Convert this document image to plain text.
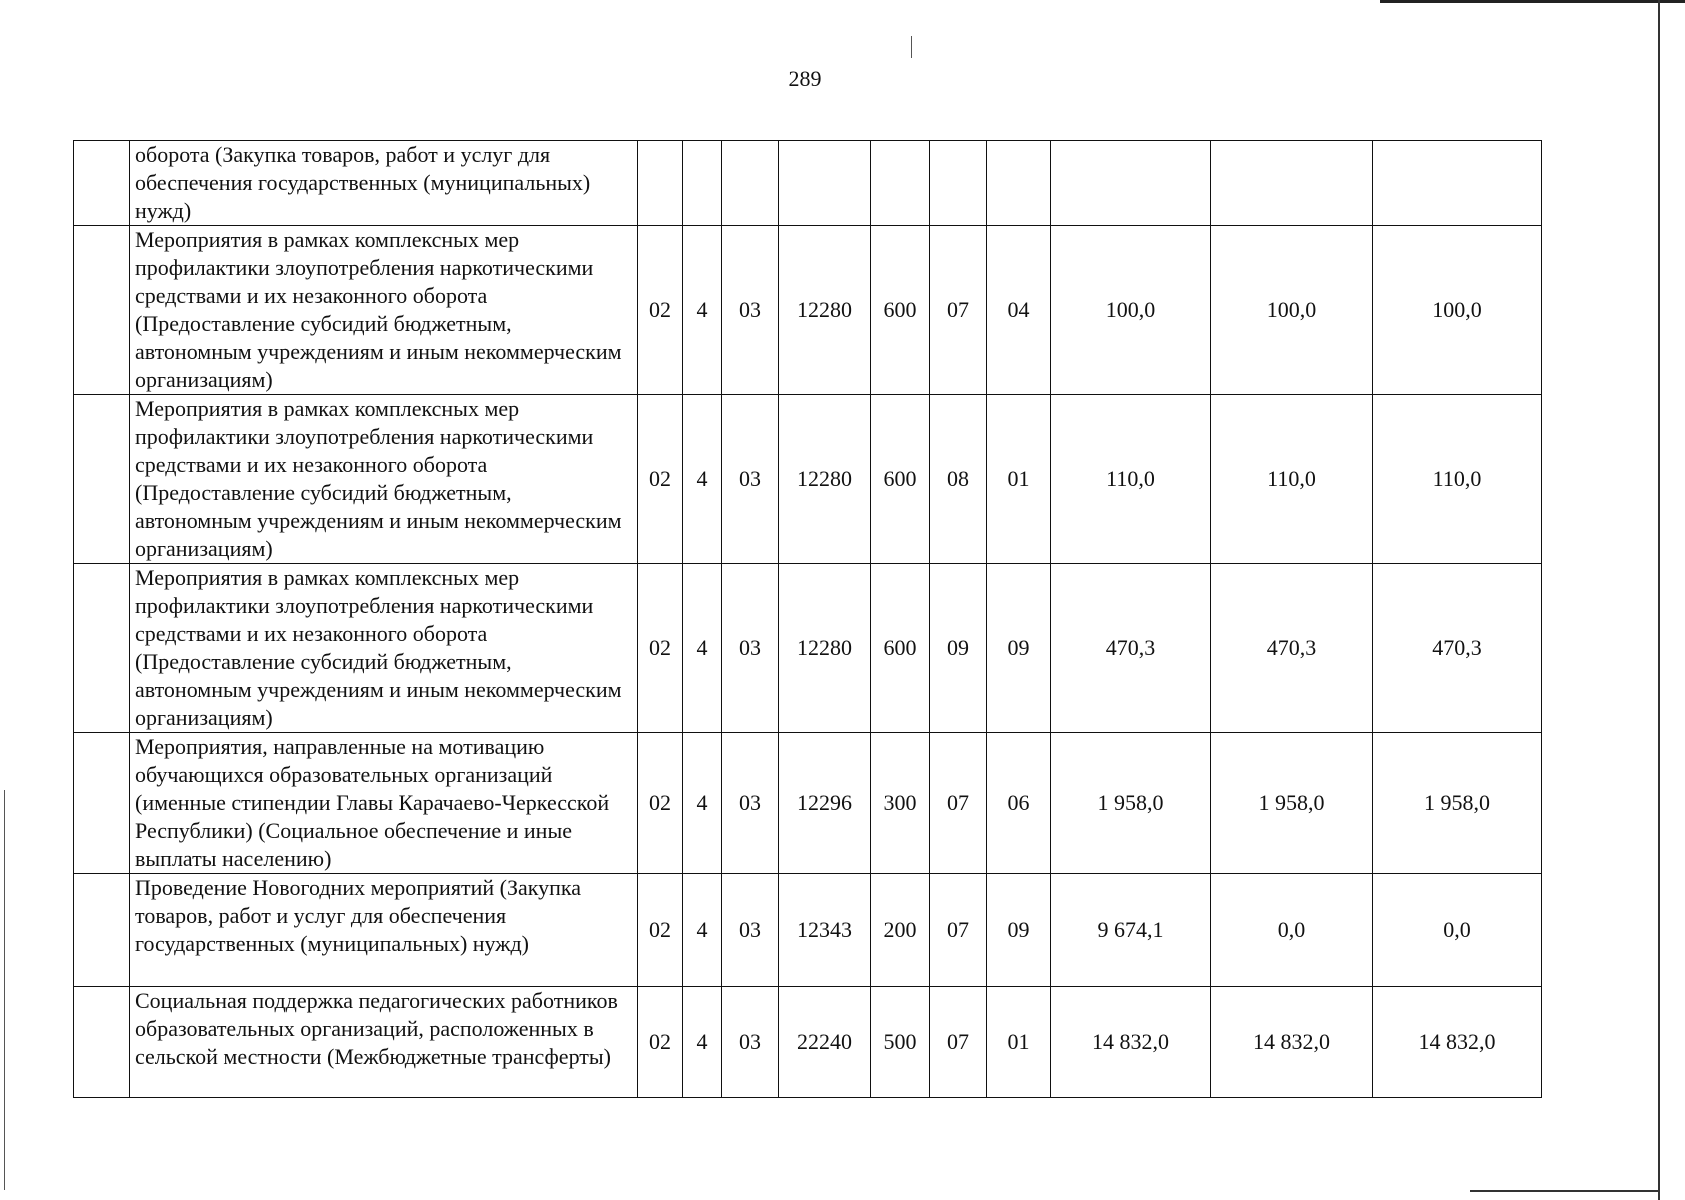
289
	оборота (Закупка товаров, работ и услуг для обеспечения государственных (муниципальных) нужд)										
	Мероприятия в рамках комплексных мер профилактики злоупотребления наркотическими средствами и их незаконного оборота (Предоставление субсидий бюджетным, автономным учреждениям и иным некоммерческим организациям)	02	4	03	12280	600	07	04	100,0	100,0	100,0
	Мероприятия в рамках комплексных мер профилактики злоупотребления наркотическими средствами и их незаконного оборота (Предоставление субсидий бюджетным, автономным учреждениям и иным некоммерческим организациям)	02	4	03	12280	600	08	01	110,0	110,0	110,0
	Мероприятия в рамках комплексных мер профилактики злоупотребления наркотическими средствами и их незаконного оборота (Предоставление субсидий бюджетным, автономным учреждениям и иным некоммерческим организациям)	02	4	03	12280	600	09	09	470,3	470,3	470,3
	Мероприятия, направленные на мотивацию обучающихся образовательных организаций (именные стипендии Главы Карачаево-Черкесской Республики) (Социальное обеспечение и иные выплаты населению)	02	4	03	12296	300	07	06	1 958,0	1 958,0	1 958,0
	Проведение Новогодних мероприятий (Закупка товаров, работ и услуг для обеспечения государственных (муниципальных) нужд)	02	4	03	12343	200	07	09	9 674,1	0,0	0,0
	Социальная поддержка педагогических работников образовательных организаций, расположенных в сельской местности (Межбюджетные трансферты)	02	4	03	22240	500	07	01	14 832,0	14 832,0	14 832,0
